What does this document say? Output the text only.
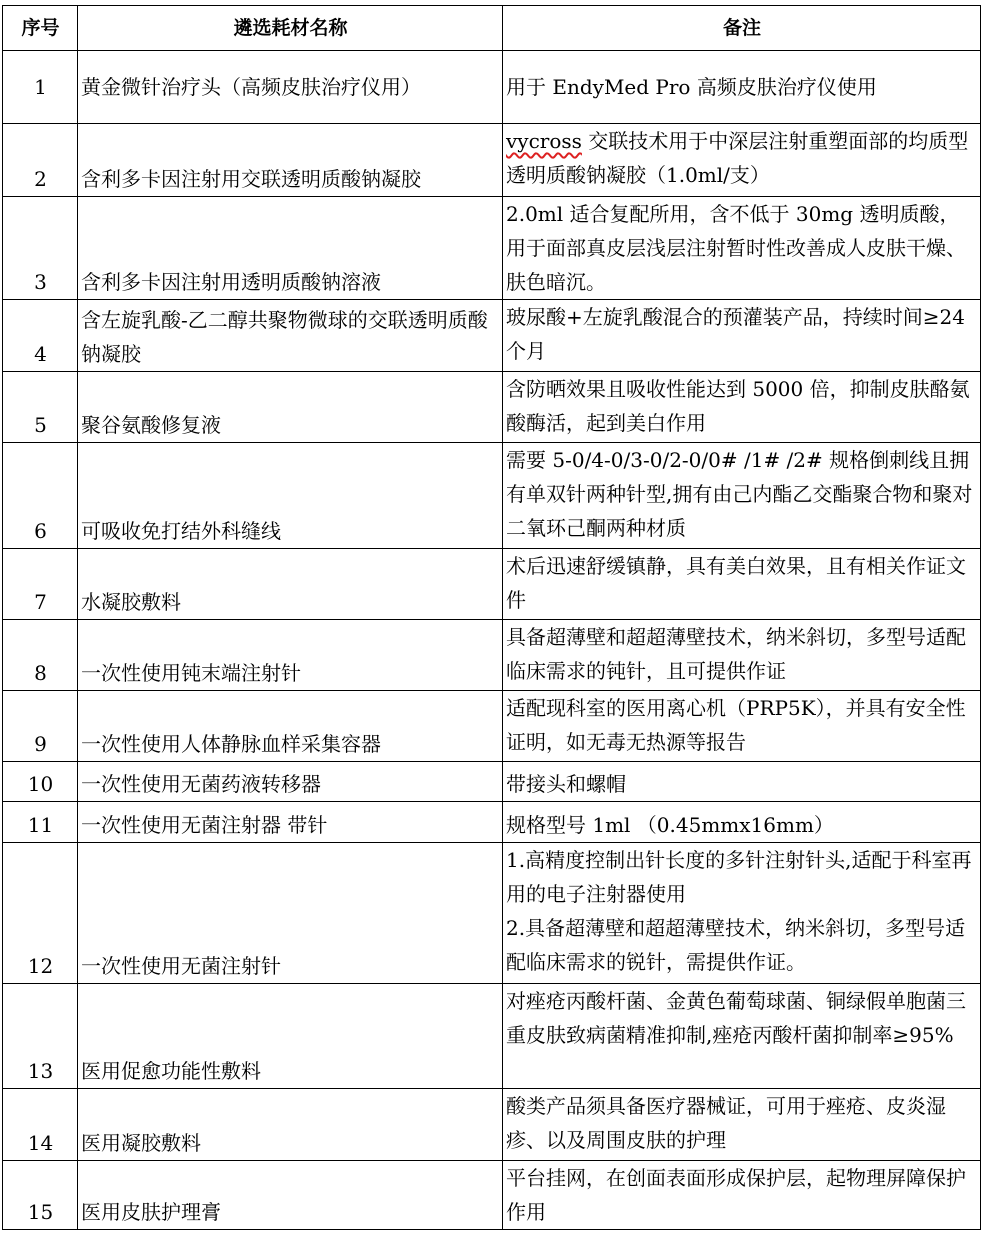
序号	遴选耗材名称	备注
1	黄金微针治疗头（高频皮肤治疗仪用）	用于 EndyMed Pro 高频皮肤治疗仪使用
2	含利多卡因注射用交联透明质酸钠凝胶	vycross 交联技术用于中深层注射重塑面部的均质型透明质酸钠凝胶（1.0ml/支）
3	含利多卡因注射用透明质酸钠溶液	2.0ml 适合复配所用，含不低于 30mg 透明质酸，用于面部真皮层浅层注射暂时性改善成人皮肤干燥、肤色暗沉。
4	含左旋乳酸-乙二醇共聚物微球的交联透明质酸钠凝胶	玻尿酸+左旋乳酸混合的预灌装产品，持续时间≥24 个月
5	聚谷氨酸修复液	含防晒效果且吸收性能达到 5000 倍，抑制皮肤酪氨酸酶活，起到美白作用
6	可吸收免打结外科缝线	需要 5-0/4-0/3-0/2-0/0# /1# /2# 规格倒刺线且拥有单双针两种针型,拥有由己内酯乙交酯聚合物和聚对二氧环己酮两种材质
7	水凝胶敷料	术后迅速舒缓镇静，具有美白效果，且有相关作证文件
8	一次性使用钝末端注射针	具备超薄壁和超超薄壁技术，纳米斜切，多型号适配临床需求的钝针，且可提供作证
9	一次性使用人体静脉血样采集容器	适配现科室的医用离心机（PRP5K），并具有安全性证明，如无毒无热源等报告
10	一次性使用无菌药液转移器	带接头和螺帽
11	一次性使用无菌注射器 带针	规格型号 1ml （0.45mmx16mm）
12	一次性使用无菌注射针	1.高精度控制出针长度的多针注射针头,适配于科室再用的电子注射器使用
2.具备超薄壁和超超薄壁技术，纳米斜切，多型号适配临床需求的锐针，需提供作证。

13	医用促愈功能性敷料	对痤疮丙酸杆菌、金黄色葡萄球菌、铜绿假单胞菌三重皮肤致病菌精准抑制,痤疮丙酸杆菌抑制率≥95%
14	医用凝胶敷料	酸类产品须具备医疗器械证，可用于痤疮、皮炎湿疹、以及周围皮肤的护理
15	医用皮肤护理膏	平台挂网，在创面表面形成保护层，起物理屏障保护作用
